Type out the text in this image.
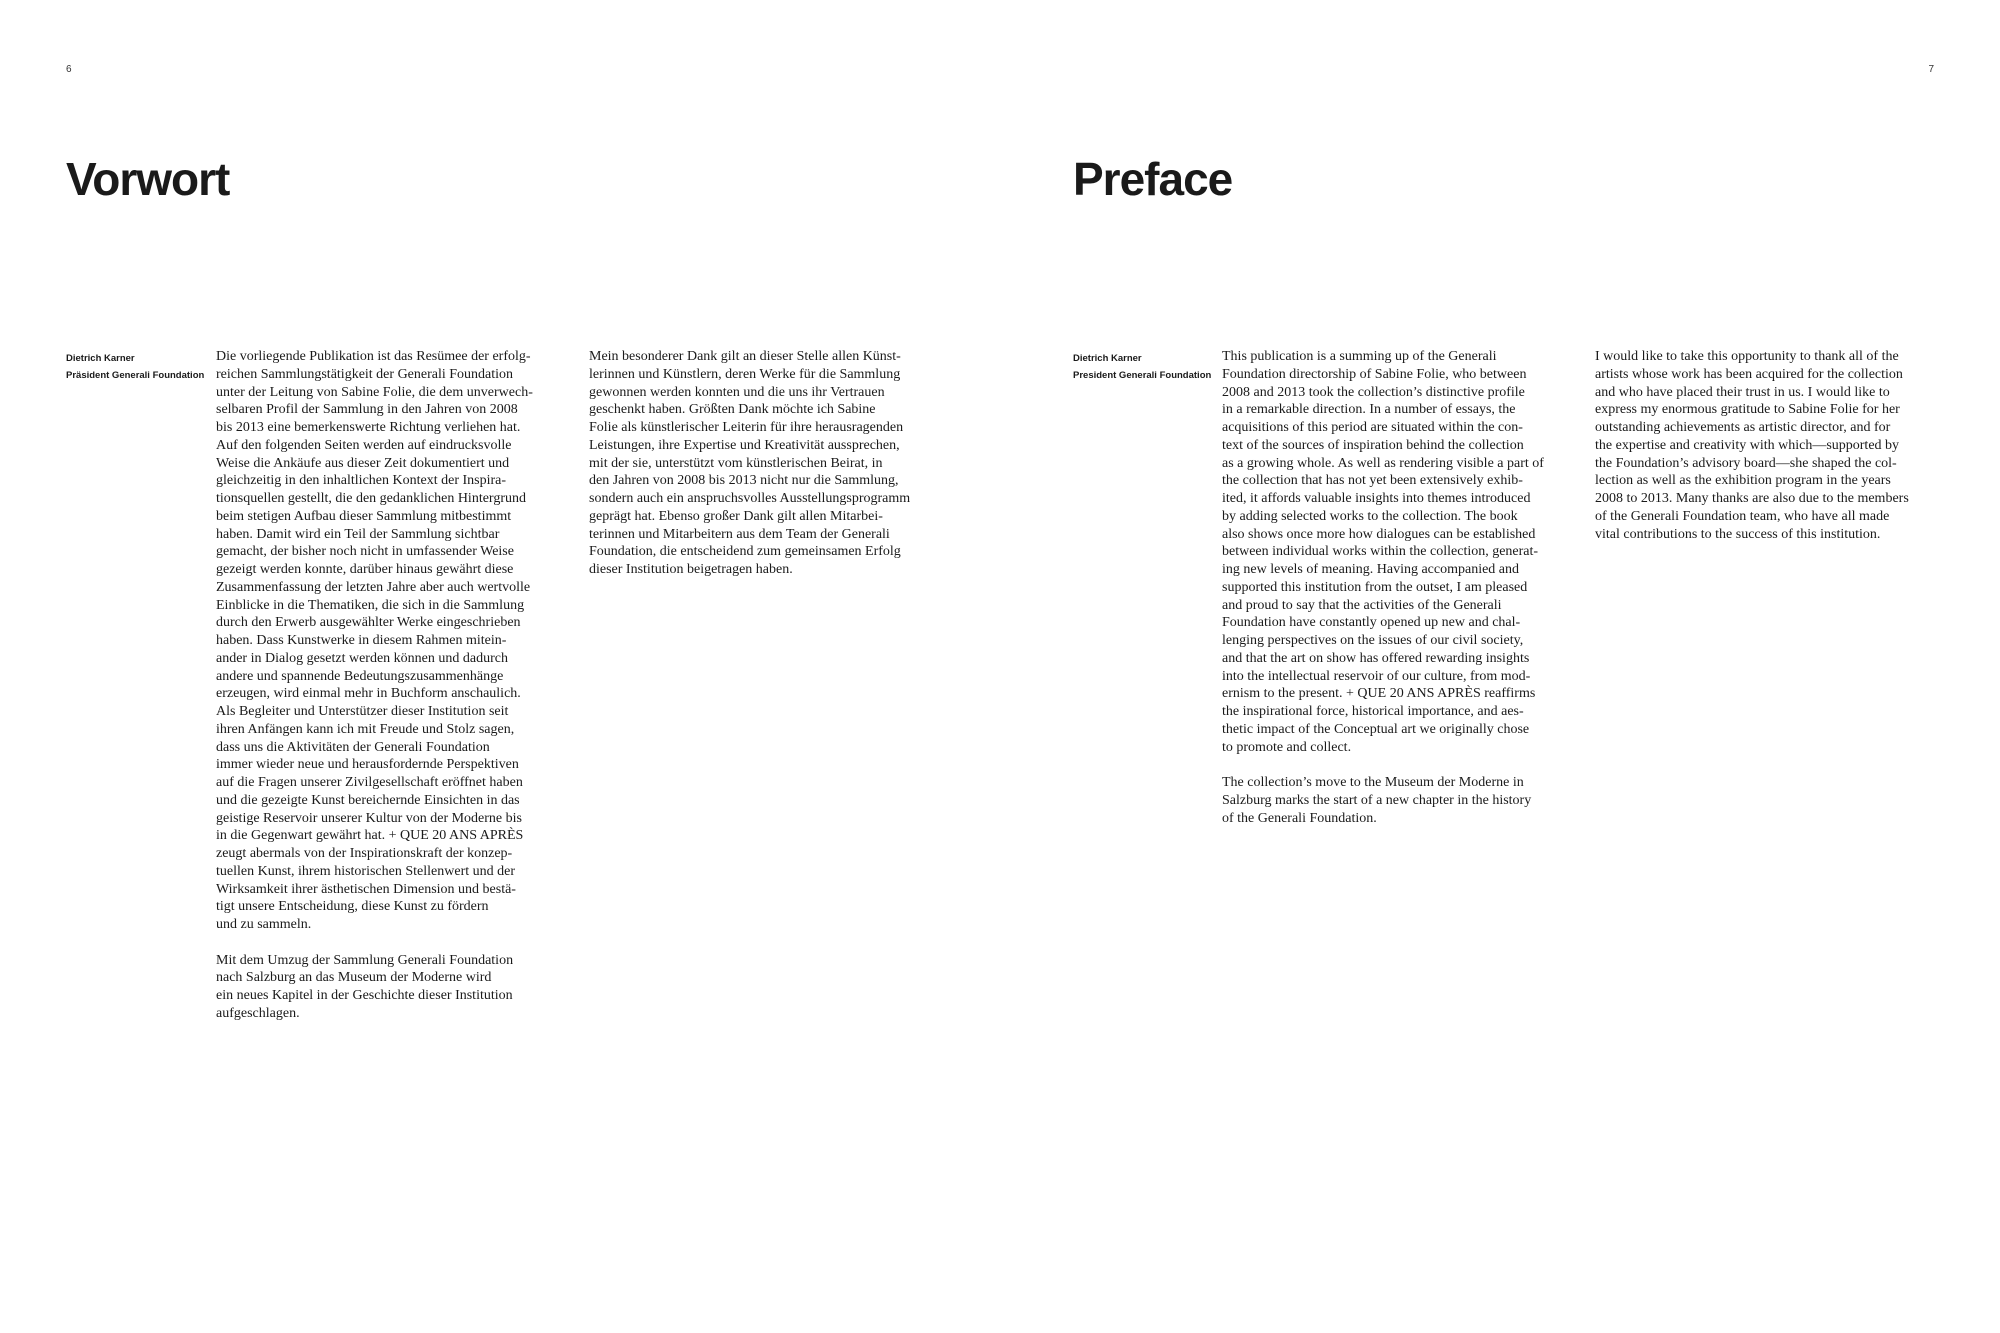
6
Vorwort
Dietrich Karner
Präsident Generali Foundation

Die vorliegende Publikation ist das Resümee der erfolg-
reichen Sammlungstätigkeit der Generali Foundation
unter der Leitung von Sabine Folie, die dem unverwech-
selbaren Profil der Sammlung in den Jahren von 2008
bis 2013 eine bemerkenswerte Richtung verliehen hat.
Auf den folgenden Seiten werden auf eindrucksvolle
Weise die Ankäufe aus dieser Zeit dokumentiert und
gleichzeitig in den inhaltlichen Kontext der Inspira-
tionsquellen gestellt, die den gedanklichen Hintergrund
beim stetigen Aufbau dieser Sammlung mitbestimmt
haben. Damit wird ein Teil der Sammlung sichtbar
gemacht, der bisher noch nicht in umfassender Weise
gezeigt werden konnte, darüber hinaus gewährt diese
Zusammenfassung der letzten Jahre aber auch wertvolle
Einblicke in die Thematiken, die sich in die Sammlung
durch den Erwerb ausgewählter Werke eingeschrieben
haben. Dass Kunstwerke in diesem Rahmen mitein-
ander in Dialog gesetzt werden können und dadurch
andere und spannende Bedeutungszusammenhänge
erzeugen, wird einmal mehr in Buchform anschaulich.
Als Begleiter und Unterstützer dieser Institution seit
ihren Anfängen kann ich mit Freude und Stolz sagen,
dass uns die Aktivitäten der Generali Foundation
immer wieder neue und herausfordernde Perspektiven
auf die Fragen unserer Zivilgesellschaft eröffnet haben
und die gezeigte Kunst bereichernde Einsichten in das
geistige Reservoir unserer Kultur von der Moderne bis
in die Gegenwart gewährt hat. + QUE 20 ANS APRÈS
zeugt abermals von der Inspirationskraft der konzep-
tuellen Kunst, ihrem historischen Stellenwert und der
Wirksamkeit ihrer ästhetischen Dimension und bestä-
tigt unsere Entscheidung, diese Kunst zu fördern
und zu sammeln.

Mit dem Umzug der Sammlung Generali Foundation
nach Salzburg an das Museum der Moderne wird
ein neues Kapitel in der Geschichte dieser Institution
aufgeschlagen.

Mein besonderer Dank gilt an dieser Stelle allen Künst-
lerinnen und Künstlern, deren Werke für die Sammlung
gewonnen werden konnten und die uns ihr Vertrauen
geschenkt haben. Größten Dank möchte ich Sabine
Folie als künstlerischer Leiterin für ihre herausragenden
Leistungen, ihre Expertise und Kreativität aussprechen,
mit der sie, unterstützt vom künstlerischen Beirat, in
den Jahren von 2008 bis 2013 nicht nur die Sammlung,
sondern auch ein anspruchsvolles Ausstellungsprogramm
geprägt hat. Ebenso großer Dank gilt allen Mitarbei-
terinnen und Mitarbeitern aus dem Team der Generali
Foundation, die entscheidend zum gemeinsamen Erfolg
dieser Institution beigetragen haben.

7
Preface
Dietrich Karner
President Generali Foundation

This publication is a summing up of the Generali
Foundation directorship of Sabine Folie, who between
2008 and 2013 took the collection’s distinctive profile
in a remarkable direction. In a number of essays, the
acquisitions of this period are situated within the con-
text of the sources of inspiration behind the collection
as a growing whole. As well as rendering visible a part of
the collection that has not yet been extensively exhib-
ited, it affords valuable insights into themes introduced
by adding selected works to the collection. The book
also shows once more how dialogues can be established
between individual works within the collection, generat-
ing new levels of meaning. Having accompanied and
supported this institution from the outset, I am pleased
and proud to say that the activities of the Generali
Foundation have constantly opened up new and chal-
lenging perspectives on the issues of our civil society,
and that the art on show has offered rewarding insights
into the intellectual reservoir of our culture, from mod-
ernism to the present. + QUE 20 ANS APRÈS reaffirms
the inspirational force, historical importance, and aes-
thetic impact of the Conceptual art we originally chose
to promote and collect.

The collection’s move to the Museum der Moderne in
Salzburg marks the start of a new chapter in the history
of the Generali Foundation.

I would like to take this opportunity to thank all of the
artists whose work has been acquired for the collection
and who have placed their trust in us. I would like to
express my enormous gratitude to Sabine Folie for her
outstanding achievements as artistic director, and for
the expertise and creativity with which—supported by
the Foundation’s advisory board—she shaped the col-
lection as well as the exhibition program in the years
2008 to 2013. Many thanks are also due to the members
of the Generali Foundation team, who have all made
vital contributions to the success of this institution.
